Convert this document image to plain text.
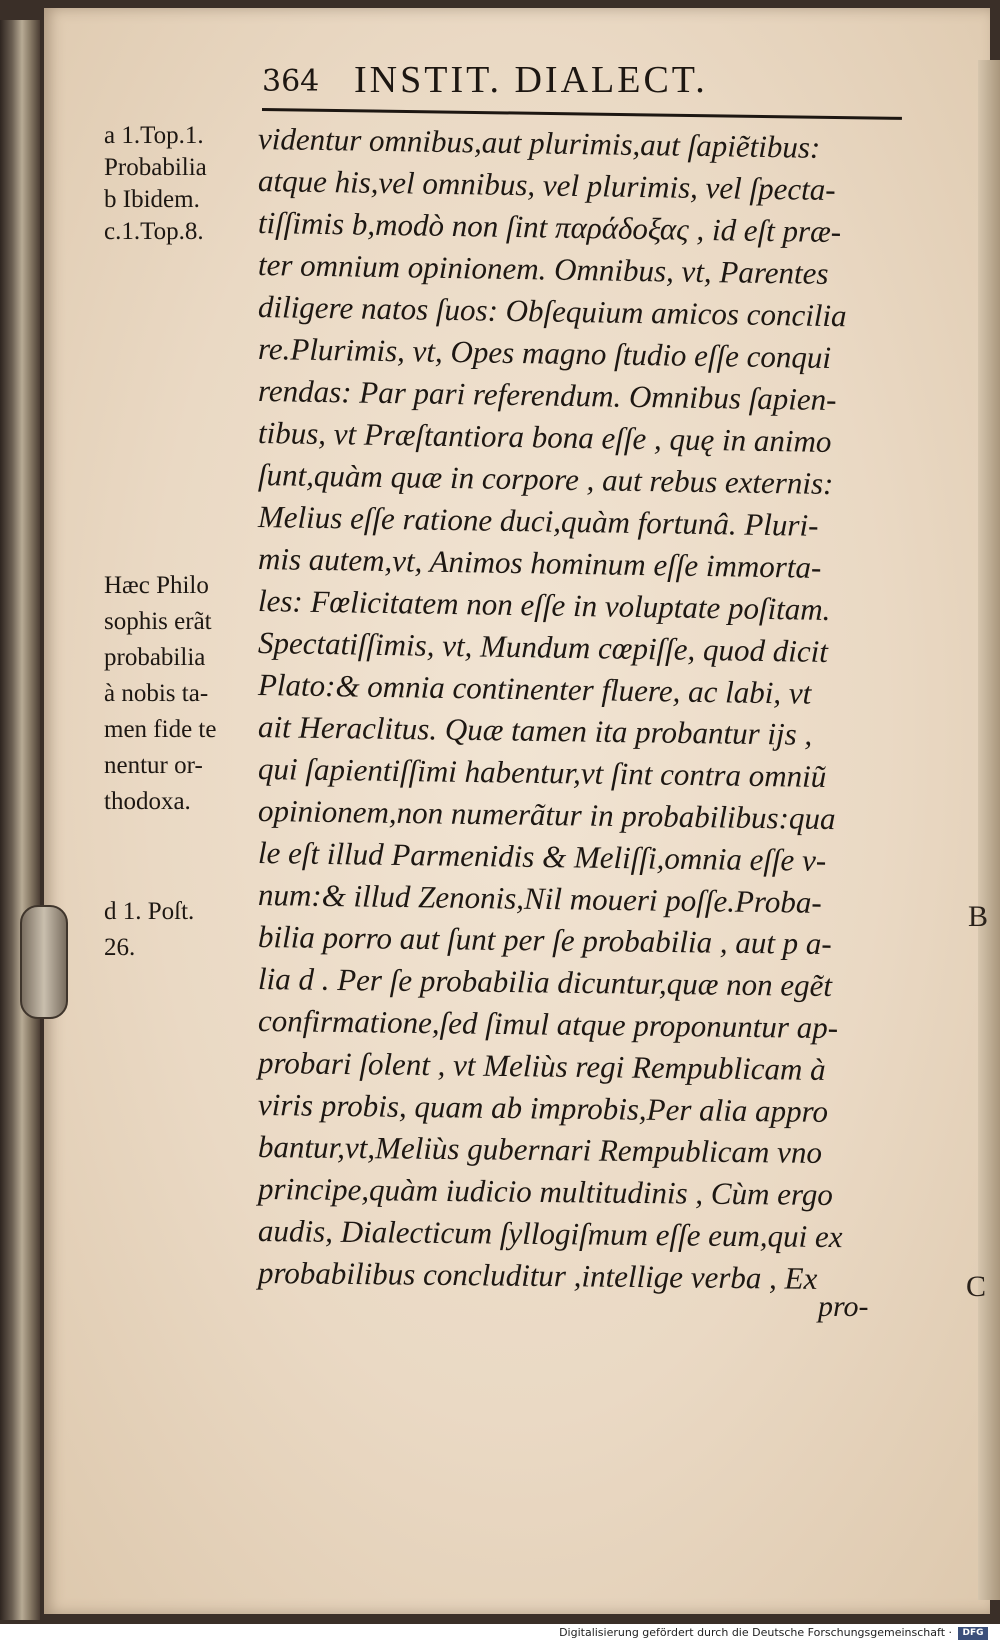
364 INSTIT. DIALECT.
a 1.Top.1.
Probabilia
b Ibidem.
c.1.Top.8.
Hæc Philo
sophis erãt
probabilia
à nobis ta-
men fide te
nentur or-
thodoxa.
d 1. Poſt.
26.
videntur omnibus,aut plurimis,aut ſapiẽtibus:
atque his,vel omnibus, vel plurimis, vel ſpecta-
tiſſimis b,modò non ſint παράδοξας , id eſt præ-
ter omnium opinionem. Omnibus, vt, Parentes
diligere natos ſuos: Obſequium amicos concilia
re.Plurimis, vt, Opes magno ſtudio eſſe conqui
rendas: Par pari referendum. Omnibus ſapien-
tibus, vt Præſtantiora bona eſſe , quę in animo
ſunt,quàm quæ in corpore , aut rebus externis:
Melius eſſe ratione duci,quàm fortunâ. Pluri-
mis autem,vt, Animos hominum eſſe immorta-
les: Fœlicitatem non eſſe in voluptate poſitam.
Spectatiſſimis, vt, Mundum cœpiſſe, quod dicit
Plato:& omnia continenter fluere, ac labi, vt
ait Heraclitus. Quæ tamen ita probantur ijs ,
qui ſapientiſſimi habentur,vt ſint contra omniũ
opinionem,non numerãtur in probabilibus:qua
le eſt illud Parmenidis & Meliſſi,omnia eſſe v-
num:& illud Zenonis,Nil moueri poſſe.Proba-
bilia porro aut ſunt per ſe probabilia , aut p a-
lia d . Per ſe probabilia dicuntur,quæ non egẽt
confirmatione,ſed ſimul atque proponuntur ap-
probari ſolent , vt Meliùs regi Rempublicam à
viris probis, quam ab improbis,Per alia appro
bantur,vt,Meliùs gubernari Rempublicam vno
principe,quàm iudicio multitudinis , Cùm ergo
audis, Dialecticum ſyllogiſmum eſſe eum,qui ex
probabilibus concluditur ,intellige verba , Ex
pro-
B
C
Digitalisierung gefördert durch die Deutsche Forschungsgemeinschaft ·	DFG
